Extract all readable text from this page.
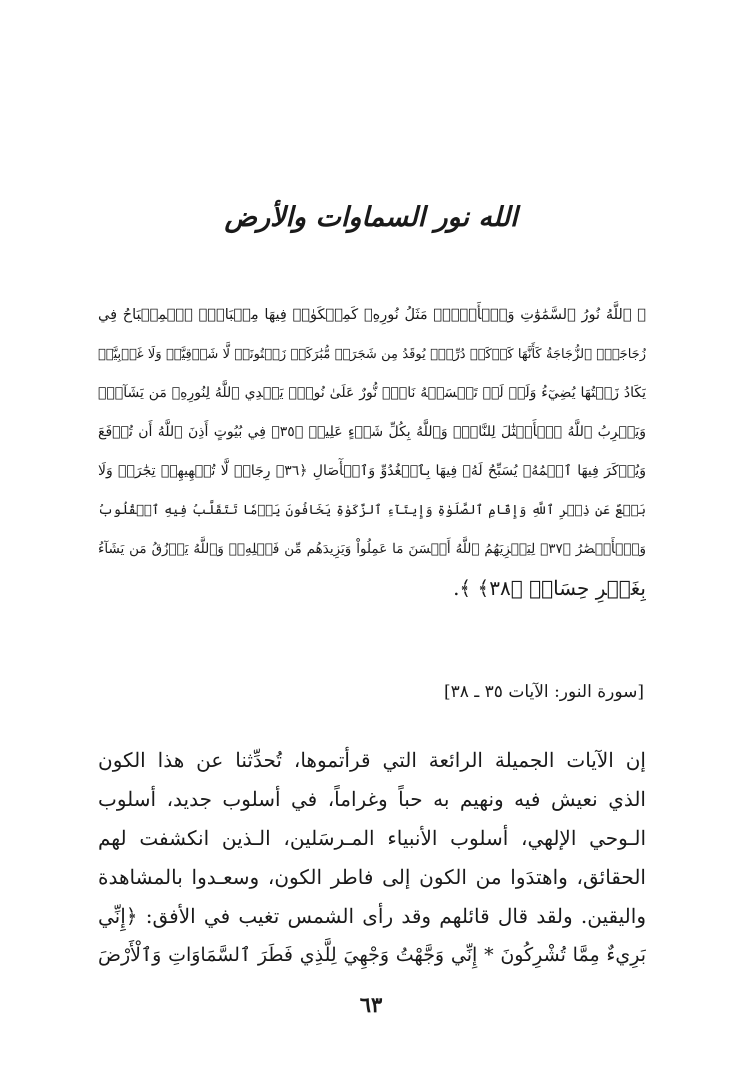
الله نور السماوات والأرض
﴿ ٱللَّهُ نُورُ ٱلسَّمَٰوَٰتِ وَٱلۡأَرۡضِۚ مَثَلُ نُورِهِۦ كَمِشۡكَوٰةٖ فِيهَا مِصۡبَاحٌۖ ٱلۡمِصۡبَاحُ فِي
زُجَاجَةٍۖ ٱلزُّجَاجَةُ كَأَنَّهَا كَوۡكَبٞ دُرِّيّٞ يُوقَدُ مِن شَجَرَةٖ مُّبَٰرَكَةٖ زَيۡتُونَةٖ لَّا شَرۡقِيَّةٖ وَلَا غَرۡبِيَّةٖ
يَكَادُ زَيۡتُهَا يُضِيٓءُ وَلَوۡ لَمۡ تَمۡسَسۡهُ نَارٞۚ نُّورٌ عَلَىٰ نُورٖۚ يَهۡدِي ٱللَّهُ لِنُورِهِۦ مَن يَشَآءُۚ
وَيَضۡرِبُ ٱللَّهُ ٱلۡأَمۡثَٰلَ لِلنَّاسِۗ وَٱللَّهُ بِكُلِّ شَيۡءٍ عَلِيمٞ ﴿٣٥﴾ فِي بُيُوتٍ أَذِنَ ٱللَّهُ أَن تُرۡفَعَ
وَيُذۡكَرَ فِيهَا ٱسۡمُهُۥ يُسَبِّحُ لَهُۥ فِيهَا بِٱلۡغُدُوِّ وَٱلۡأٓصَالِ ﴿٣٦﴾ رِجَالٞ لَّا تُلۡهِيهِمۡ تِجَٰرَةٞ وَلَا
بَيۡعٌ عَن ذِكۡرِ ٱللَّهِ وَإِقَامِ ٱلصَّلَوٰةِ وَإِيتَآءِ ٱلزَّكَوٰةِ يَخَافُونَ يَوۡمٗا تَتَقَلَّبُ فِيهِ ٱلۡقُلُوبُ
وَٱلۡأَبۡصَٰرُ ﴿٣٧﴾ لِيَجۡزِيَهُمُ ٱللَّهُ أَحۡسَنَ مَا عَمِلُواْ وَيَزِيدَهُم مِّن فَضۡلِهِۦۗ وَٱللَّهُ يَرۡزُقُ مَن يَشَآءُ
بِغَيۡرِ حِسَابٖ ﴿٣٨﴾ ﴾.
[سورة النور: الآيات ٣٥ ـ ٣٨]
إن الآيات الجميلة الرائعة التي قرأتموها، تُحدِّثنا عن هذا الكون
الذي نعيش فيه ونهيم به حباً وغراماً، في أسلوب جديد، أسلوب
الـوحي الإلهي، أسلوب الأنبياء المـرسَلين، الـذين انكشفت لهم
الحقائق، واهتدَوا من الكون إلى فاطر الكون، وسعـدوا بالمشاهدة
واليقين. ولقد قال قائلهم وقد رأى الشمس تغيب في الأفق: ﴿إِنِّي
بَرِيءٌ مِمَّا تُشْرِكُونَ * إِنِّي وَجَّهْتُ وَجْهِيَ لِلَّذِي فَطَرَ ٱلسَّمَاوَاتِ وَٱلْأَرْضَ
٦٣
